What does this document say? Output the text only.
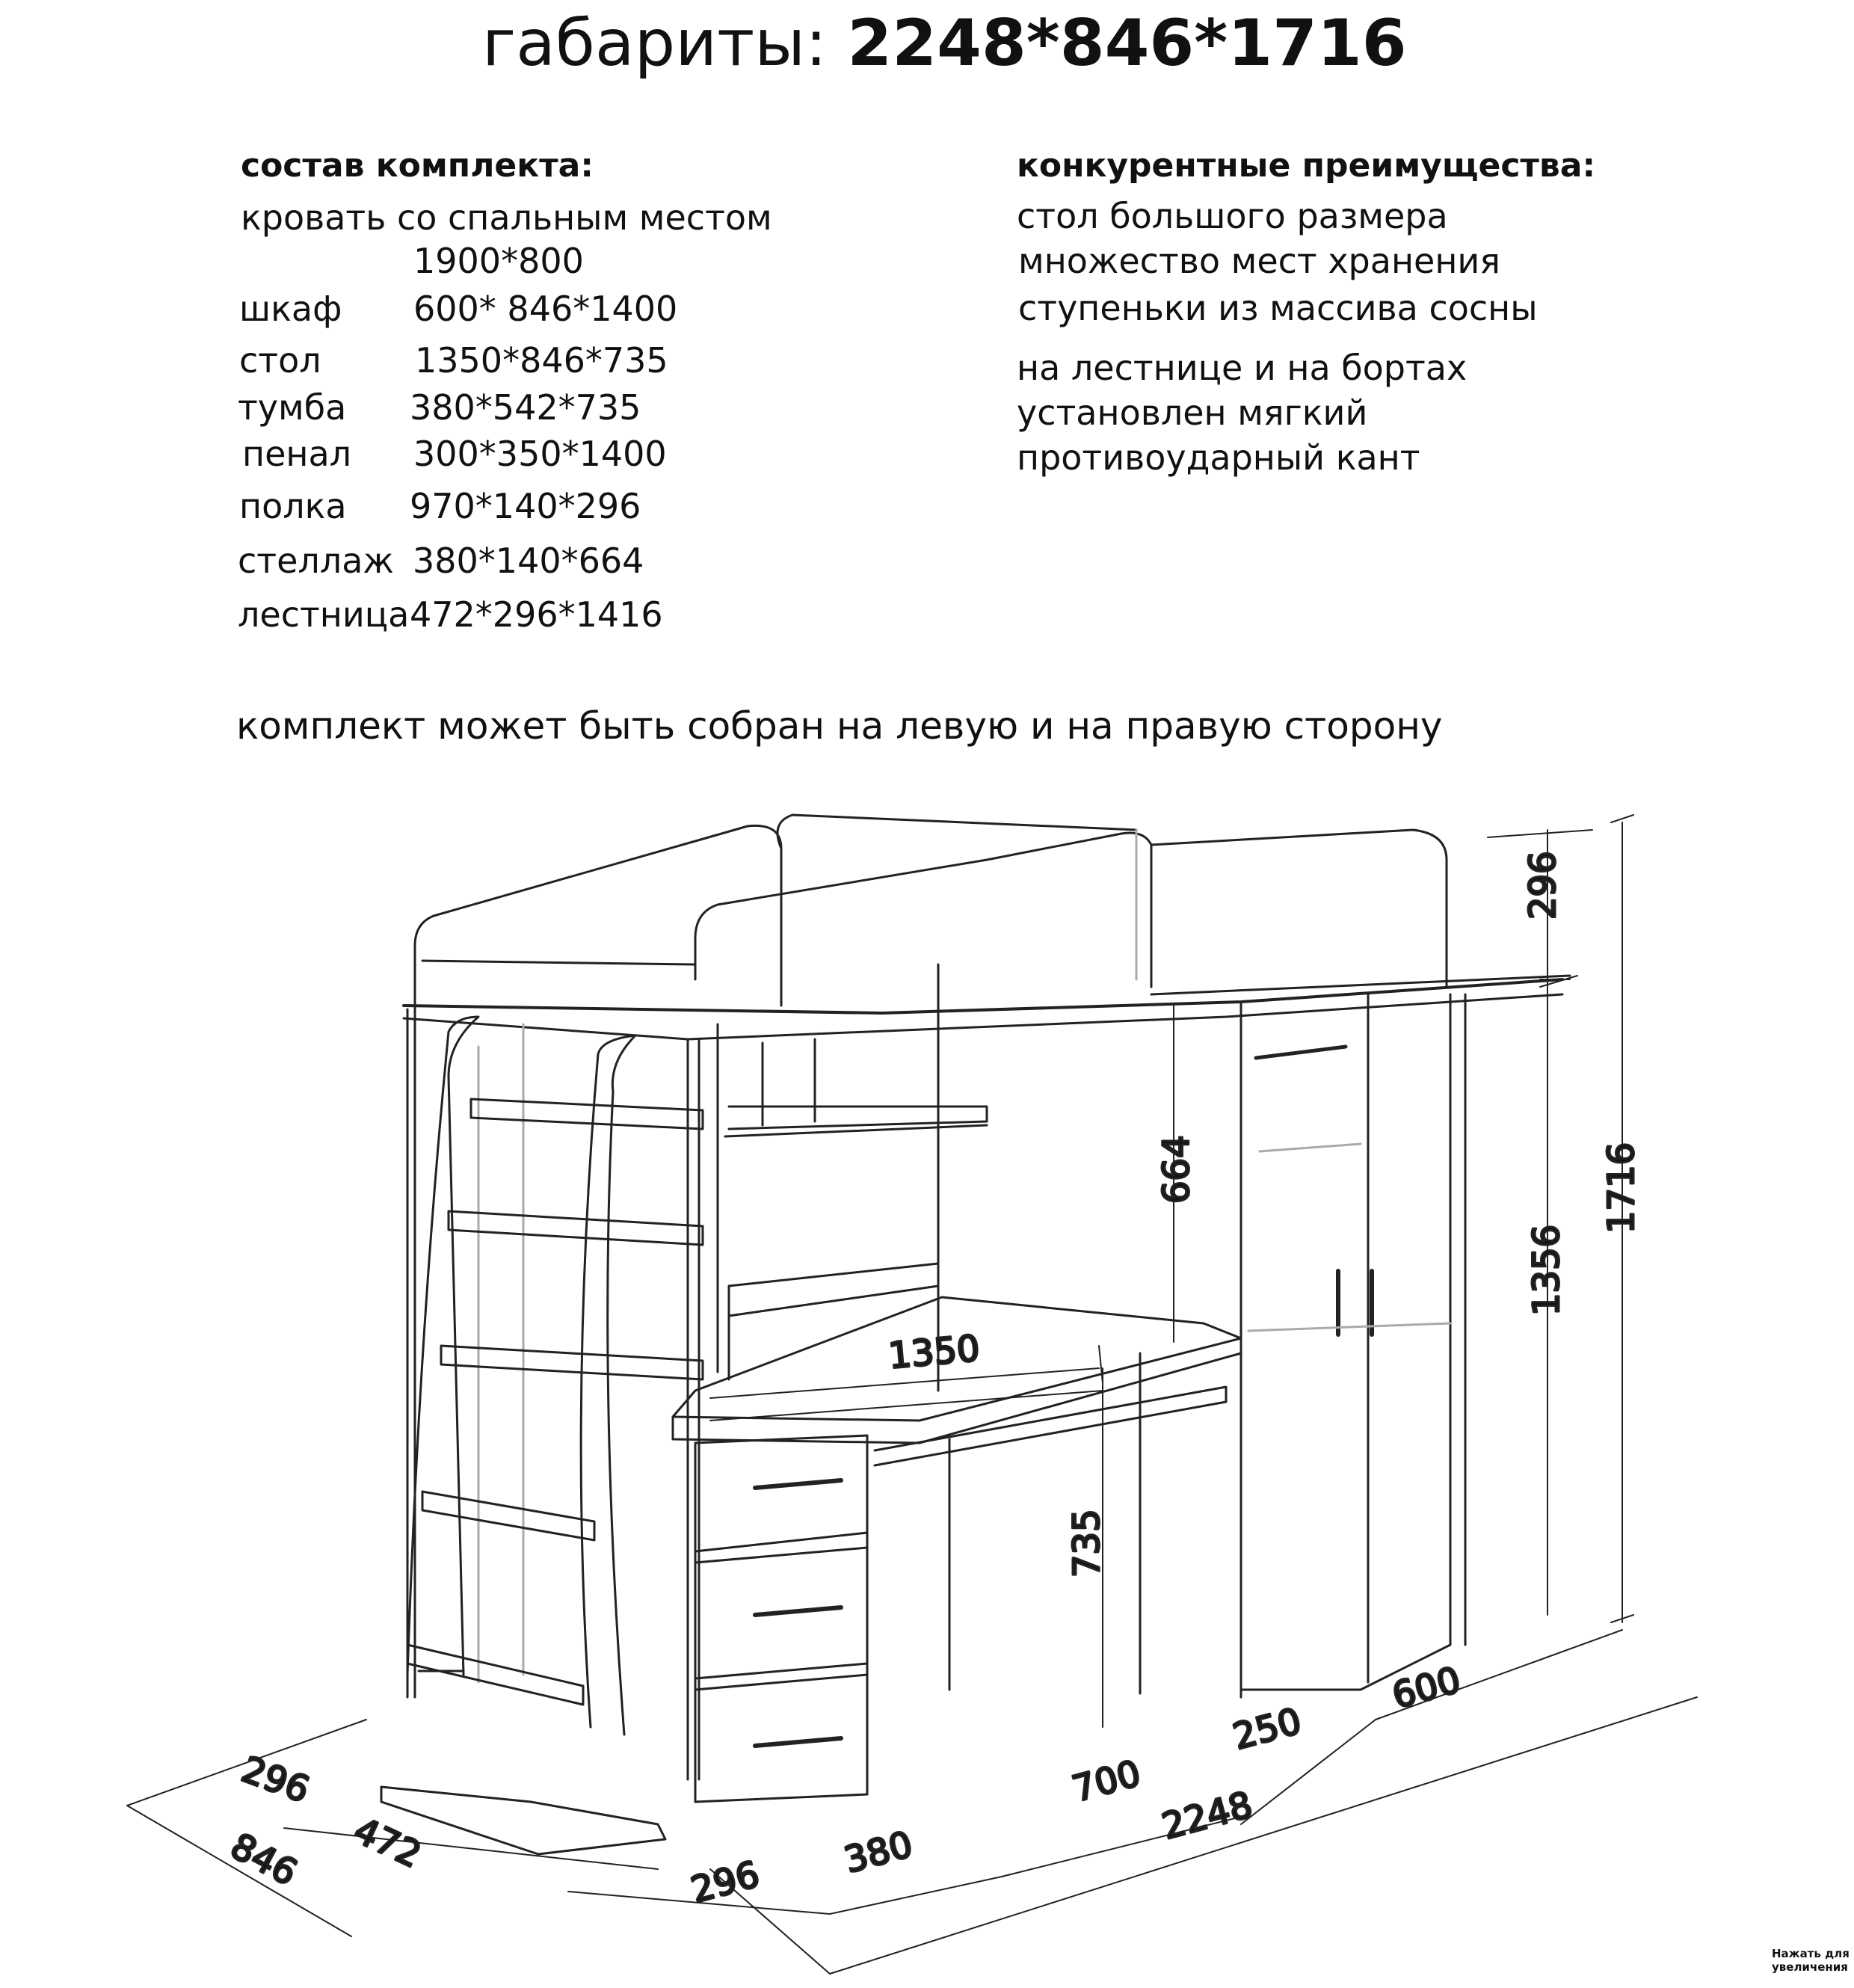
габариты: 2248*846*1716
состав комплекта:
кровать со спальным местом
1900*800
шкаф 600* 846*1400
стол	1350*846*735
тумба 380*542*735
пенал 300*350*1400
полка 970*140*296
стеллаж 380*140*664
лестница 472*296*1416
конкурентные преимущества:
стол большого размера
множество мест хранения
ступеньки из массива сосны
на лестнице и на бортах
установлен мягкий
противоударный кант
комплект может быть собран на левую и на правую сторону
296
1716
1356
664
1350
735
600
250
700
2248
380
296
296
846 472
Нажать для увеличения
